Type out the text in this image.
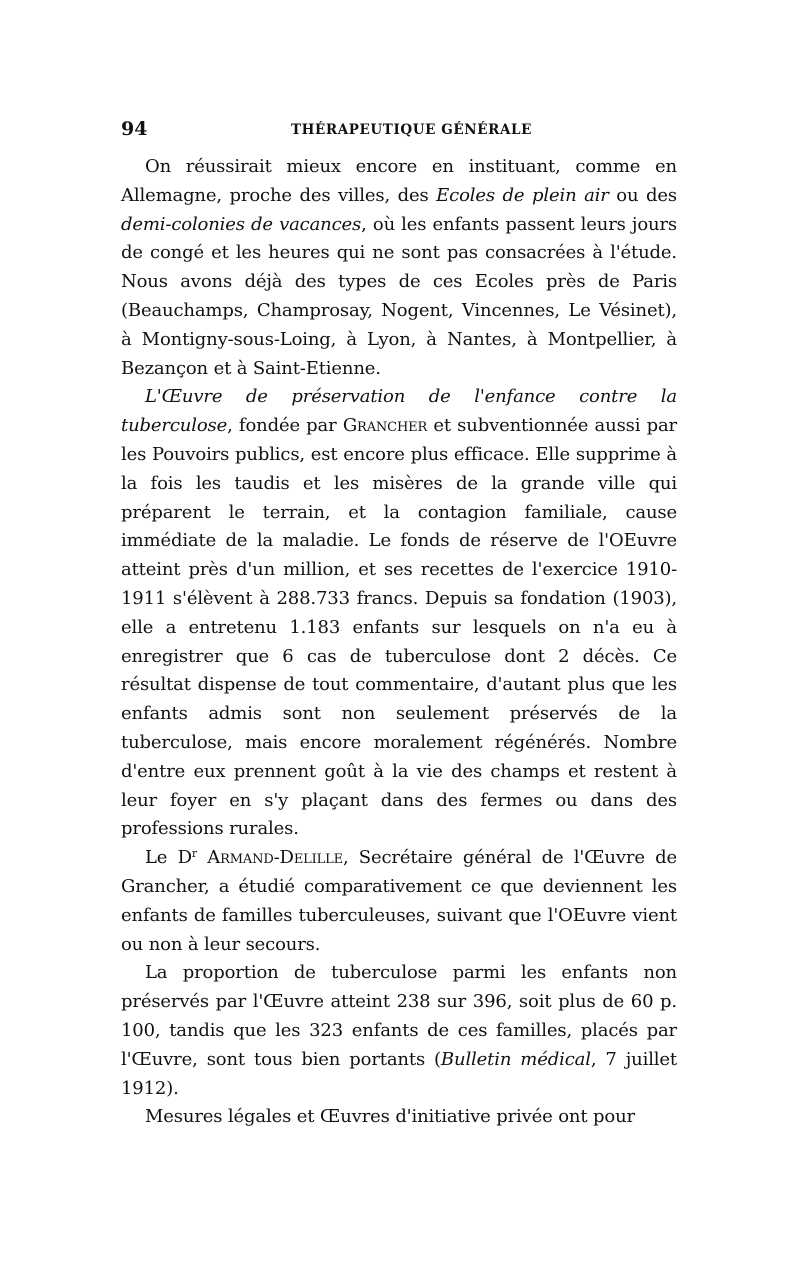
94	THÉRAPEUTIQUE GÉNÉRALE

On réussirait mieux encore en instituant, comme en Allemagne, proche des villes, des Ecoles de plein air ou des demi-colonies de vacances, où les enfants passent leurs jours de congé et les heures qui ne sont pas consacrées à l'étude. Nous avons déjà des types de ces Ecoles près de Paris (Beauchamps, Champrosay, Nogent, Vincennes, Le Vésinet), à Montigny-sous-Loing, à Lyon, à Nantes, à Montpellier, à Bezançon et à Saint-Etienne.

L'Œuvre de préservation de l'enfance contre la tuberculose, fondée par Grancher et subventionnée aussi par les Pouvoirs publics, est encore plus efficace. Elle supprime à la fois les taudis et les misères de la grande ville qui préparent le terrain, et la contagion familiale, cause immédiate de la maladie. Le fonds de réserve de l'OEuvre atteint près d'un million, et ses recettes de l'exercice 1910-1911 s'élèvent à 288.733 francs. Depuis sa fondation (1903), elle a entretenu 1.183 enfants sur lesquels on n'a eu à enregistrer que 6 cas de tuberculose dont 2 décès. Ce résultat dispense de tout commentaire, d'autant plus que les enfants admis sont non seulement préservés de la tuberculose, mais encore moralement régénérés. Nombre d'entre eux prennent goût à la vie des champs et restent à leur foyer en s'y plaçant dans des fermes ou dans des professions rurales.

Le $D^r$ Armand-Delille, Secrétaire général de l'Œuvre de Grancher, a étudié comparativement ce que deviennent les enfants de familles tuberculeuses, suivant que l'OEuvre vient ou non à leur secours.

La proportion de tuberculose parmi les enfants non préservés par l'Œuvre atteint 238 sur 396, soit plus de 60 p. 100, tandis que les 323 enfants de ces familles, placés par l'Œuvre, sont tous bien portants (Bulletin médical, 7 juillet 1912).

Mesures légales et Œuvres d'initiative privée ont pour
